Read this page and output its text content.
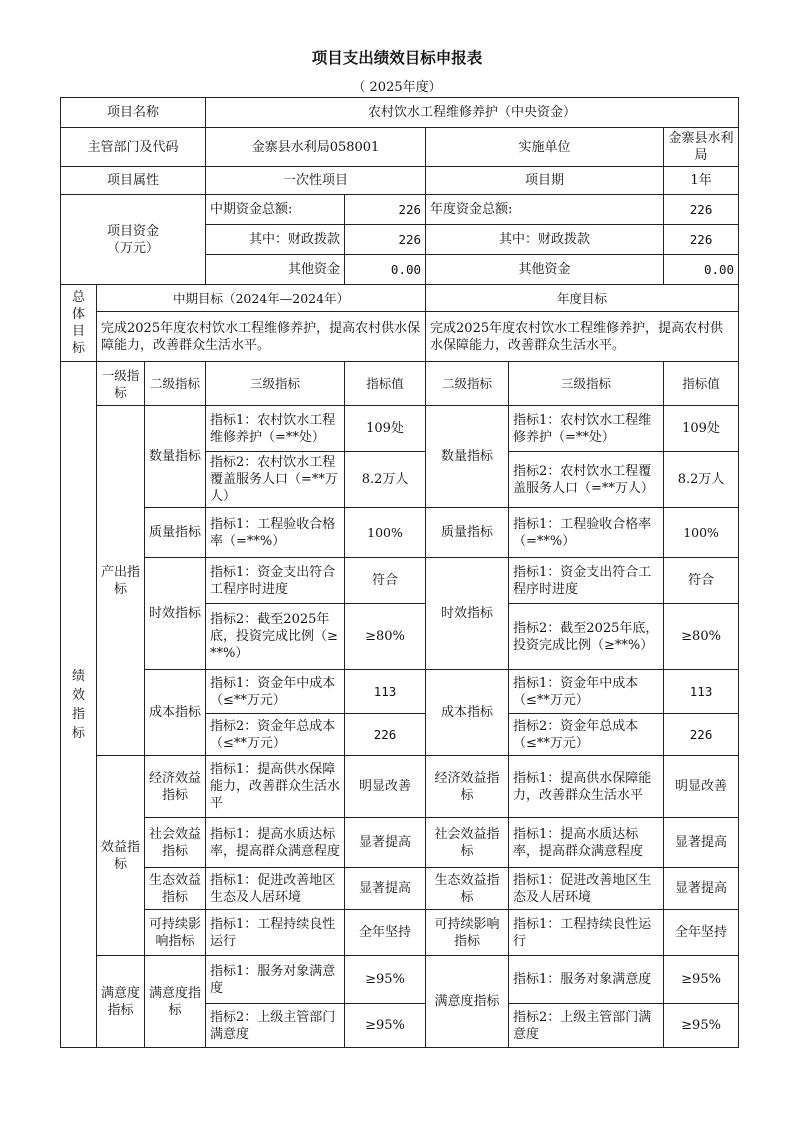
项目支出绩效目标申报表
（ 2025年度）
项目名称			农村饮水工程维修养护（中央资金）				
主管部门及代码			金寨县水利局058001		实施单位		金寨县水利局
项目属性			一次性项目		项目期		1年
项目资金
（万元）			中期资金总额:	226	年度资金总额:		226
			其中：财政拨款	226	其中：财政拨款		226
			其他资金	0.00	其他资金		0.00
总
体
目
标	中期目标（2024年—2024年）				年度目标		
	完成2025年度农村饮水工程维修养护，提高农村供水保障能力，改善群众生活水平。				完成2025年度农村饮水工程维修养护，提高农村供水保障能力，改善群众生活水平。		
绩
效
指
标	一级指标	二级指标	三级指标	指标值	二级指标	三级指标	指标值
	产出指标	数量指标	指标1：农村饮水工程维修养护（=**处）	109处	数量指标	指标1：农村饮水工程维修养护（=**处）	109处
			指标2：农村饮水工程覆盖服务人口（=**万人）	8.2万人		指标2：农村饮水工程覆盖服务人口（=**万人）	8.2万人
		质量指标	指标1：工程验收合格率（=**%）	100%	质量指标	指标1：工程验收合格率（=**%）	100%
		时效指标	指标1：资金支出符合工程序时进度	符合	时效指标	指标1：资金支出符合工程序时进度	符合
			指标2：截至2025年底，投资完成比例（≥**%）	≥80%		指标2：截至2025年底，投资完成比例（≥**%）	≥80%
		成本指标	指标1：资金年中成本（≤**万元）	113	成本指标	指标1：资金年中成本（≤**万元）	113
			指标2：资金年总成本（≤**万元）	226		指标2：资金年总成本（≤**万元）	226
	效益指标	经济效益指标	指标1：提高供水保障能力，改善群众生活水平	明显改善	经济效益指标	指标1：提高供水保障能力，改善群众生活水平	明显改善
		社会效益指标	指标1：提高水质达标率，提高群众满意程度	显著提高	社会效益指标	指标1：提高水质达标率，提高群众满意程度	显著提高
		生态效益指标	指标1：促进改善地区生态及人居环境	显著提高	生态效益指标	指标1：促进改善地区生态及人居环境	显著提高
		可持续影响指标	指标1：工程持续良性运行	全年坚持	可持续影响指标	指标1：工程持续良性运行	全年坚持
	满意度指标	满意度指标	指标1：服务对象满意度	≥95%	满意度指标	指标1：服务对象满意度	≥95%
			指标2：上级主管部门满意度	≥95%		指标2：上级主管部门满意度	≥95%
